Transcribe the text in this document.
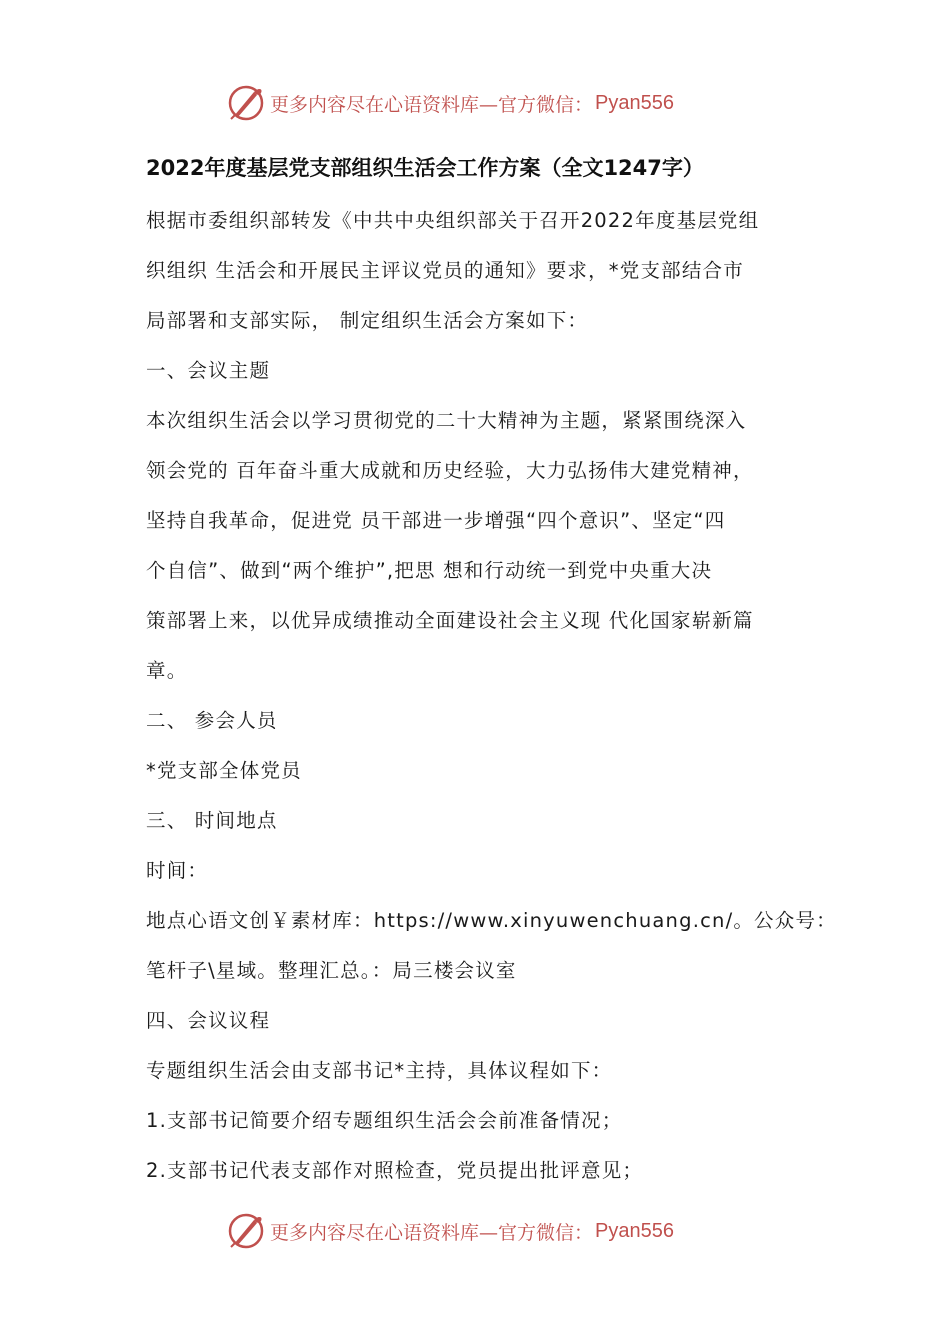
更多内容尽在心语资料库—官方微信： Pyan556
2022年度基层党支部组织生活会工作方案（全文1247字）
根据市委组织部转发《中共中央组织部关于召开2022年度基层党组
织组织 生活会和开展民主评议党员的通知》要求，*党支部结合市
局部署和支部实际， 制定组织生活会方案如下：
一、会议主题
本次组织生活会以学习贯彻党的二十大精神为主题，紧紧围绕深入
领会党的 百年奋斗重大成就和历史经验，大力弘扬伟大建党精神，
坚持自我革命，促进党 员干部进一步增强“四个意识”、坚定“四
个自信”、做到“两个维护”,把思 想和行动统一到党中央重大决
策部署上来，以优异成绩推动全面建设社会主义现 代化国家崭新篇
章。
二、 参会人员
*党支部全体党员
三、 时间地点
时间：
地点心语文创￥素材库：https://www.xinyuwenchuang.cn/。公众号：
笔杆子\星域。整理汇总。：局三楼会议室
四、会议议程
专题组织生活会由支部书记*主持，具体议程如下：
1.支部书记简要介绍专题组织生活会会前准备情况；
2.支部书记代表支部作对照检查，党员提出批评意见；
更多内容尽在心语资料库—官方微信： Pyan556
